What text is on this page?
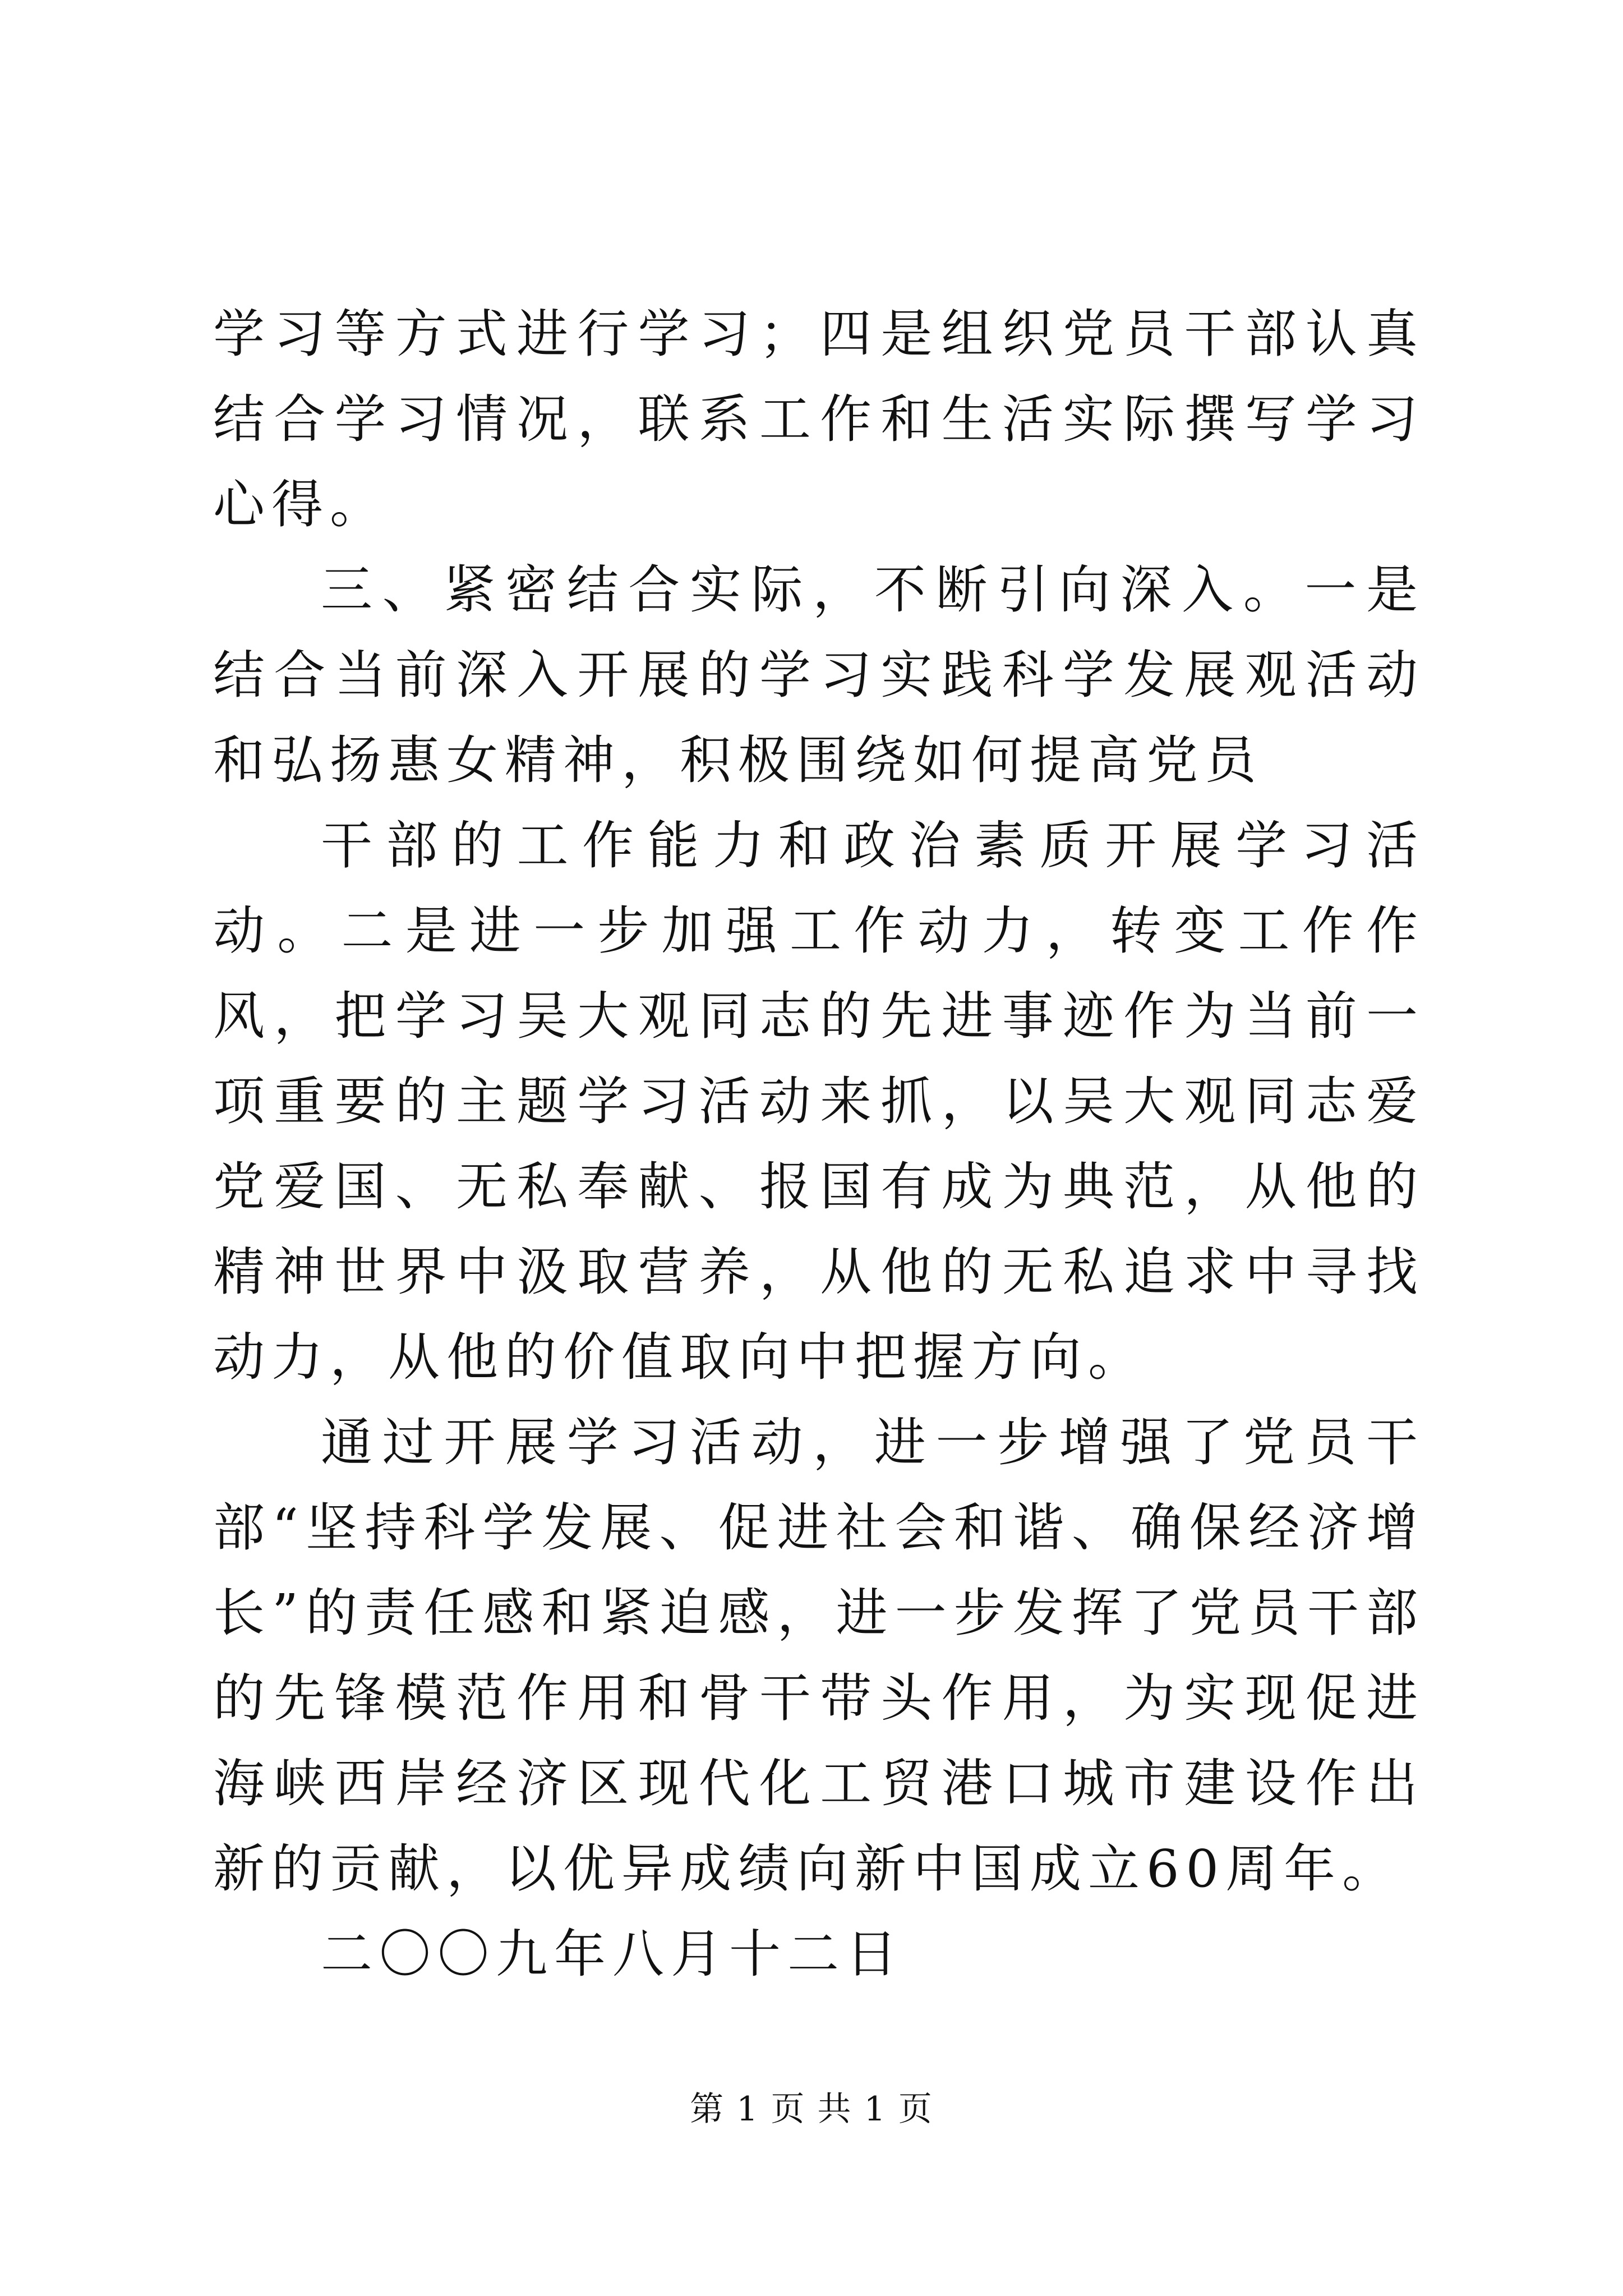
学习等方式进行学习；四是组织党员干部认真结合学习情况，联系工作和生活实际撰写学习心得。

三、紧密结合实际，不断引向深入。一是结合当前深入开展的学习实践科学发展观活动和弘扬惠女精神，积极围绕如何提高党员

干部的工作能力和政治素质开展学习活动。二是进一步加强工作动力，转变工作作风，把学习吴大观同志的先进事迹作为当前一项重要的主题学习活动来抓，以吴大观同志爱党爱国、无私奉献、报国有成为典范，从他的精神世界中汲取营养，从他的无私追求中寻找动力，从他的价值取向中把握方向。

通过开展学习活动，进一步增强了党员干部“坚持科学发展、促进社会和谐、确保经济增长”的责任感和紧迫感，进一步发挥了党员干部的先锋模范作用和骨干带头作用，为实现促进海峡西岸经济区现代化工贸港口城市建设作出新的贡献，以优异成绩向新中国成立60周年。

二〇〇九年八月十二日

第 1 页 共 1 页
